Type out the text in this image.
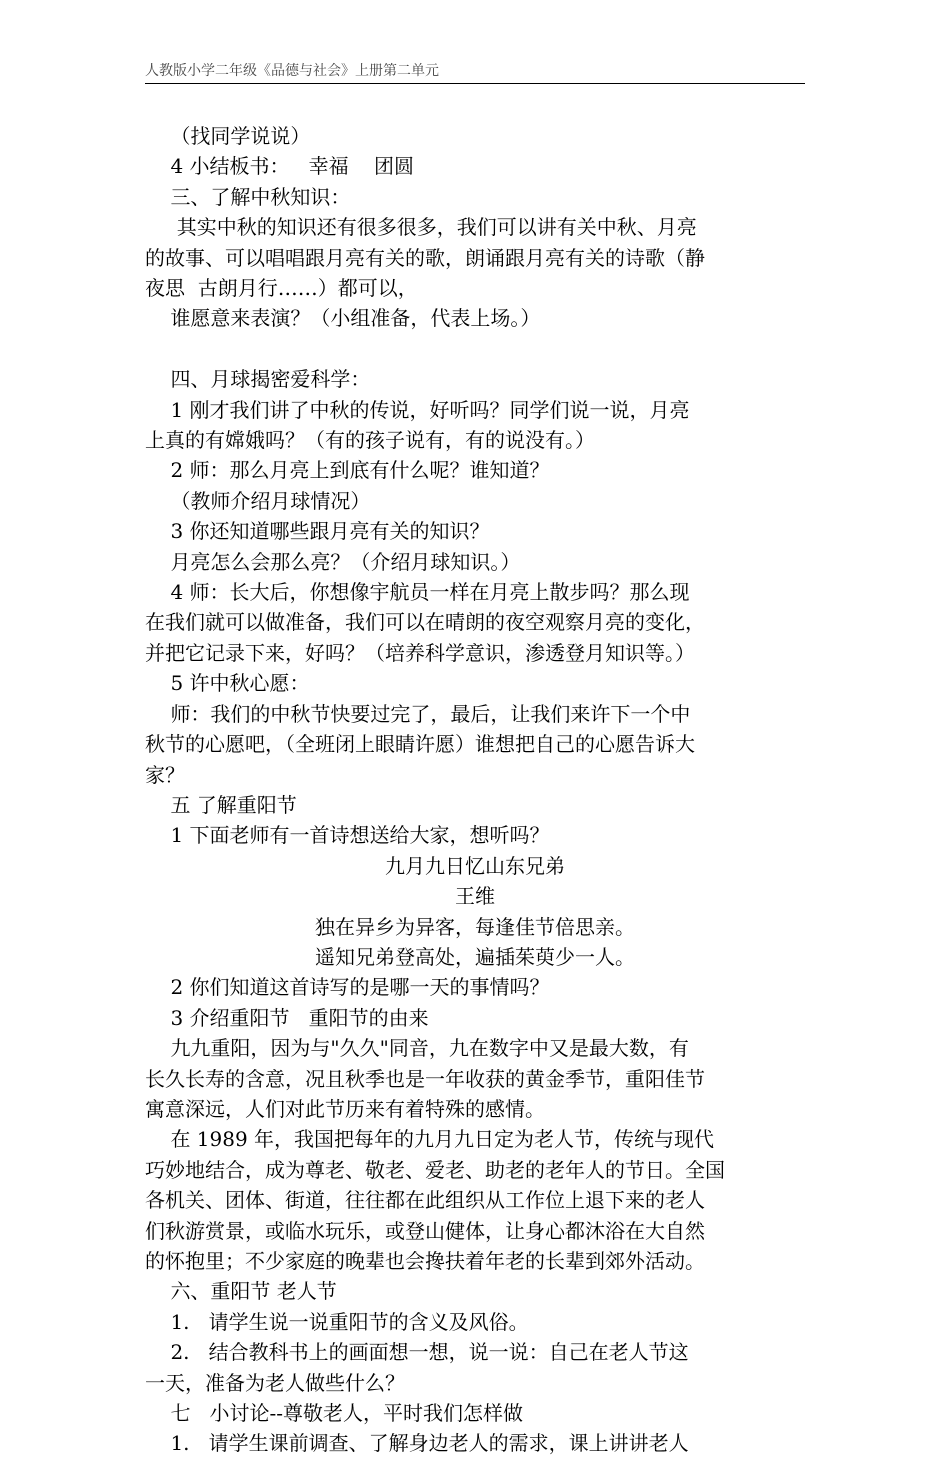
人教版小学二年级《品德与社会》上册第二单元

（找同学说说）

4 小结板书：   幸福    团圆

三、了解中秋知识：

其实中秋的知识还有很多很多，我们可以讲有关中秋、月亮

的故事、可以唱唱跟月亮有关的歌，朗诵跟月亮有关的诗歌（静

夜思  古朗月行……）都可以，

谁愿意来表演？（小组准备，代表上场。）

四、月球揭密爱科学：

1 刚才我们讲了中秋的传说，好听吗？同学们说一说，月亮

上真的有嫦娥吗？（有的孩子说有，有的说没有。）

2 师：那么月亮上到底有什么呢？谁知道？

（教师介绍月球情况）

3 你还知道哪些跟月亮有关的知识？

月亮怎么会那么亮？（介绍月球知识。）

4 师：长大后，你想像宇航员一样在月亮上散步吗？那么现

在我们就可以做准备，我们可以在晴朗的夜空观察月亮的变化，

并把它记录下来，好吗？（培养科学意识，渗透登月知识等。）

5 许中秋心愿：

师：我们的中秋节快要过完了，最后，让我们来许下一个中

秋节的心愿吧，（全班闭上眼睛许愿）谁想把自己的心愿告诉大

家？

五 了解重阳节

1 下面老师有一首诗想送给大家，想听吗？

九月九日忆山东兄弟

王维

独在异乡为异客，每逢佳节倍思亲。

遥知兄弟登高处，遍插茱萸少一人。

2 你们知道这首诗写的是哪一天的事情吗？

3 介绍重阳节   重阳节的由来

九九重阳，因为与"久久"同音，九在数字中又是最大数，有

长久长寿的含意，况且秋季也是一年收获的黄金季节，重阳佳节

寓意深远，人们对此节历来有着特殊的感情。

在 1989 年，我国把每年的九月九日定为老人节，传统与现代

巧妙地结合，成为尊老、敬老、爱老、助老的老年人的节日。全国

各机关、团体、街道，往往都在此组织从工作位上退下来的老人

们秋游赏景，或临水玩乐，或登山健体，让身心都沐浴在大自然

的怀抱里；不少家庭的晚辈也会搀扶着年老的长辈到郊外活动。

六、重阳节 老人节

1.   请学生说一说重阳节的含义及风俗。

2.   结合教科书上的画面想一想，说一说：自己在老人节这

一天，准备为老人做些什么？

七   小讨论--尊敬老人，平时我们怎样做

1.   请学生课前调查、了解身边老人的需求，课上讲讲老人
